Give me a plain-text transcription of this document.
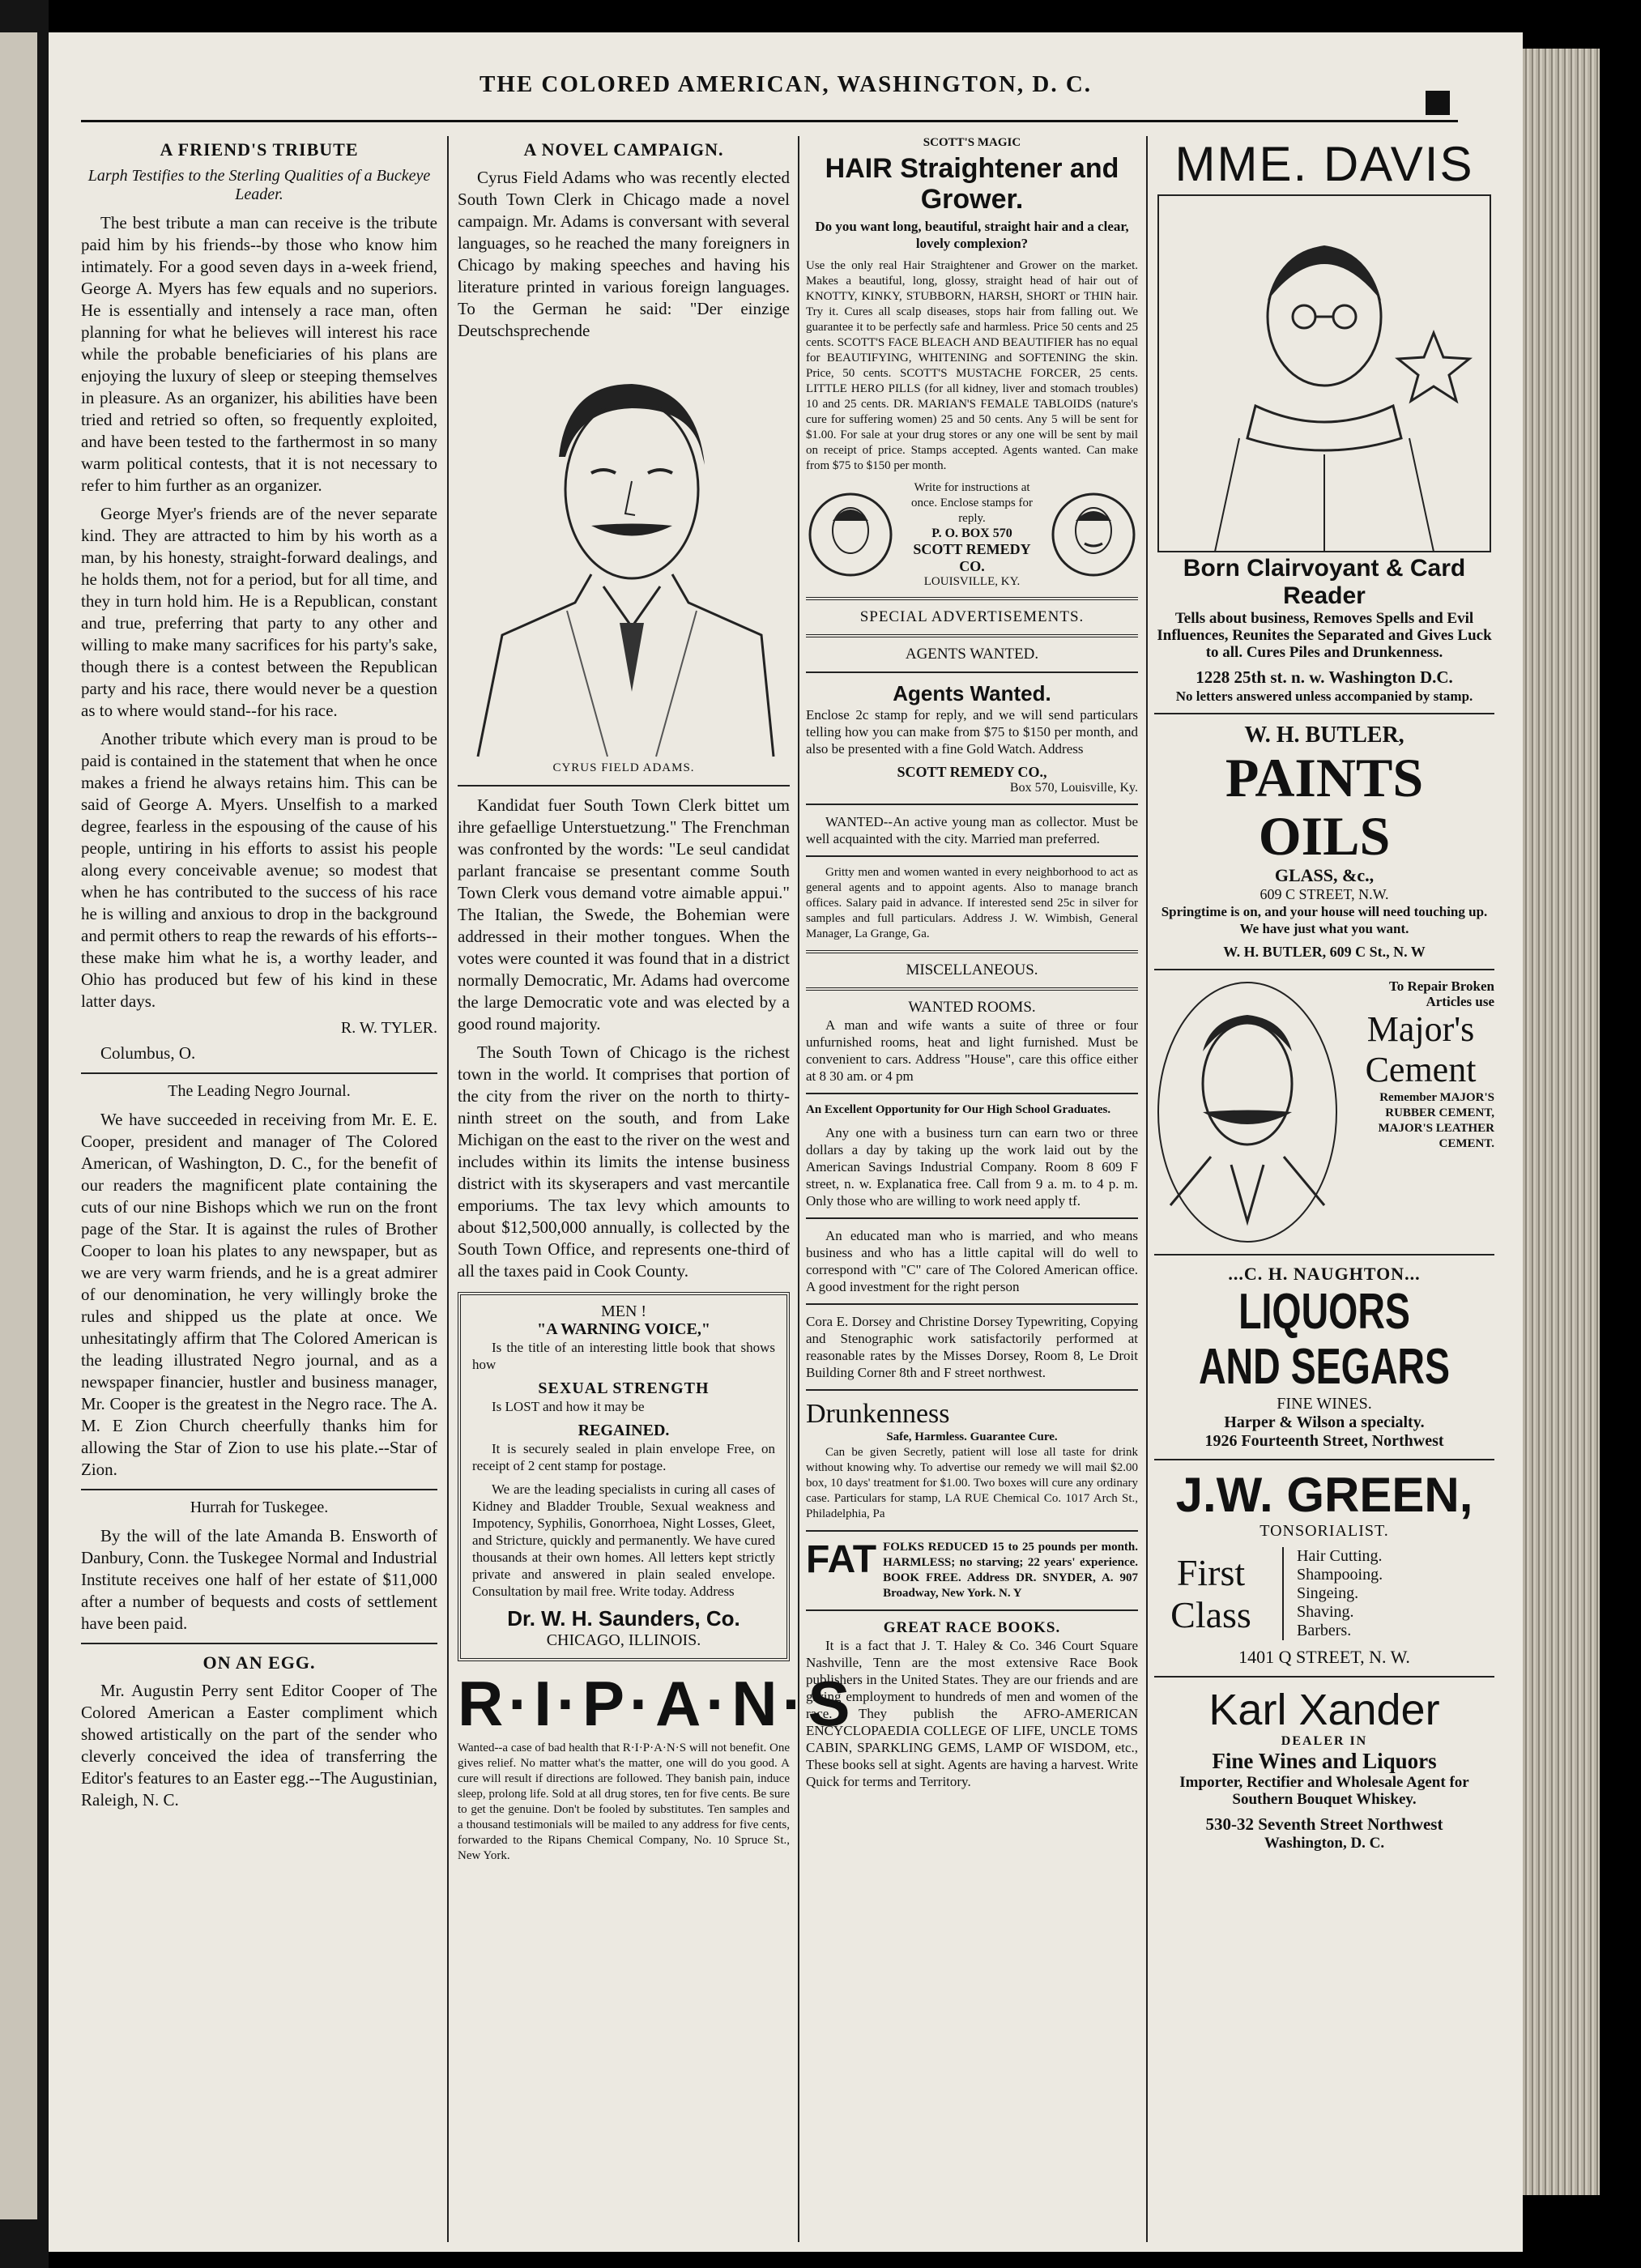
THE COLORED AMERICAN, WASHINGTON, D. C.
A FRIEND'S TRIBUTE
Larph Testifies to the Sterling Qualities of a Buckeye Leader.

The best tribute a man can receive is the tribute paid him by his friends--by those who know him intimately. For a good seven days in a-week friend, George A. Myers has few equals and no superiors. He is essentially and intensely a race man, often planning for what he believes will interest his race while the probable beneficiaries of his plans are enjoying the luxury of sleep or steeping themselves in pleasure. As an organizer, his abilities have been tried and retried so often, so frequently exploited, and have been tested to the farthermost in so many warm political contests, that it is not necessary to refer to him further as an organizer.

George Myer's friends are of the never separate kind. They are attracted to him by his worth as a man, by his honesty, straight-forward dealings, and he holds them, not for a period, but for all time, and they in turn hold him. He is a Republican, constant and true, preferring that party to any other and willing to make many sacrifices for his party's sake, though there is a contest between the Republican party and his race, there would never be a question as to where would stand--for his race.

Another tribute which every man is proud to be paid is contained in the statement that when he once makes a friend he always retains him. This can be said of George A. Myers. Unselfish to a marked degree, fearless in the espousing of the cause of his people, untiring in his efforts to assist his people along every conceivable avenue; so modest that when he has contributed to the success of his race he is willing and anxious to drop in the background and permit others to reap the rewards of his efforts--these make him what he is, a worthy leader, and Ohio has produced but few of his kind in these latter days.

R. W. TYLER.

Columbus, O.

The Leading Negro Journal.

We have succeeded in receiving from Mr. E. E. Cooper, president and manager of The Colored American, of Washington, D. C., for the benefit of our readers the magnificent plate containing the cuts of our nine Bishops which we run on the front page of the Star. It is against the rules of Brother Cooper to loan his plates to any newspaper, but as we are very warm friends, and he is a great admirer of our denomination, he very willingly broke the rules and shipped us the plate at once. We unhesitatingly affirm that The Colored American is the leading illustrated Negro journal, and as a newspaper financier, hustler and business manager, Mr. Cooper is the greatest in the Negro race. The A. M. E Zion Church cheerfully thanks him for allowing the Star of Zion to use his plate.--Star of Zion.

Hurrah for Tuskegee.

By the will of the late Amanda B. Ensworth of Danbury, Conn. the Tuskegee Normal and Industrial Institute receives one half of her estate of $11,000 after a number of bequests and costs of settlement have been paid.

ON AN EGG.

Mr. Augustin Perry sent Editor Cooper of The Colored American a Easter compliment which showed artistically on the part of the sender who cleverly conceived the idea of transferring the Editor's features to an Easter egg.--The Augustinian, Raleigh, N. C.

A NOVEL CAMPAIGN.

Cyrus Field Adams who was recently elected South Town Clerk in Chicago made a novel campaign. Mr. Adams is conversant with several languages, so he reached the many foreigners in Chicago by making speeches and having his literature printed in various foreign languages. To the German he said: "Der einzige Deutschsprechende

CYRUS FIELD ADAMS.

Kandidat fuer South Town Clerk bittet um ihre gefaellige Unterstuetzung." The Frenchman was confronted by the words: "Le seul candidat parlant francaise se presentant comme South Town Clerk vous demand votre aimable appui." The Italian, the Swede, the Bohemian were addressed in their mother tongues. When the votes were counted it was found that in a district normally Democratic, Mr. Adams had overcome the large Democratic vote and was elected by a good round majority.

The South Town of Chicago is the richest town in the world. It comprises that portion of the city from the river on the north to thirty-ninth street on the south, and from Lake Michigan on the east to the river on the west and includes within its limits the intense business district with its skyserapers and vast mercantile emporiums. The tax levy which amounts to about $12,500,000 annually, is collected by the South Town Office, and represents one-third of all the taxes paid in Cook County.

MEN !
"A WARNING VOICE,"

Is the title of an interesting little book that shows how

SEXUAL STRENGTH

Is LOST and how it may be

REGAINED.

It is securely sealed in plain envelope Free, on receipt of 2 cent stamp for postage.

We are the leading specialists in curing all cases of Kidney and Bladder Trouble, Sexual weakness and Impotency, Syphilis, Gonorrhoea, Night Losses, Gleet, and Stricture, quickly and permanently. We have cured thousands at their own homes. All letters kept strictly private and answered in plain sealed envelope. Consultation by mail free. Write today. Address

Dr. W. H. Saunders, Co.
CHICAGO, ILLINOIS.
R·I·P·A·N·S

Wanted--a case of bad health that R·I·P·A·N·S will not benefit. One gives relief. No matter what's the matter, one will do you good. A cure will result if directions are followed. They banish pain, induce sleep, prolong life. Sold at all drug stores, ten for five cents. Be sure to get the genuine. Don't be fooled by substitutes. Ten samples and a thousand testimonials will be mailed to any address for five cents, forwarded to the Ripans Chemical Company, No. 10 Spruce St., New York.

SCOTT'S MAGIC
HAIR Straightener and Grower.

Do you want long, beautiful, straight hair and a clear, lovely complexion?

Use the only real Hair Straightener and Grower on the market. Makes a beautiful, long, glossy, straight head of hair out of KNOTTY, KINKY, STUBBORN, HARSH, SHORT or THIN hair. Try it. Cures all scalp diseases, stops hair from falling out. We guarantee it to be perfectly safe and harmless. Price 50 cents and 25 cents. SCOTT'S FACE BLEACH AND BEAUTIFIER has no equal for BEAUTIFYING, WHITENING and SOFTENING the skin. Price, 50 cents. SCOTT'S MUSTACHE FORCER, 25 cents. LITTLE HERO PILLS (for all kidney, liver and stomach troubles) 10 and 25 cents. DR. MARIAN'S FEMALE TABLOIDS (nature's cure for suffering women) 25 and 50 cents. Any 5 will be sent for $1.00. For sale at your drug stores or any one will be sent by mail on receipt of price. Stamps accepted. Agents wanted. Can make from $75 to $150 per month.

Write for instructions at once. Enclose stamps for reply.
P. O. BOX 570
SCOTT REMEDY CO.
LOUISVILLE, KY.
SPECIAL ADVERTISEMENTS.
AGENTS WANTED.
Agents Wanted.

Enclose 2c stamp for reply, and we will send particulars telling how you can make from $75 to $150 per month, and also be presented with a fine Gold Watch. Address

SCOTT REMEDY CO.,
Box 570, Louisville, Ky.

WANTED--An active young man as collector. Must be well acquainted with the city. Married man preferred.

Gritty men and women wanted in every neighborhood to act as general agents and to appoint agents. Also to manage branch offices. Salary paid in advance. If interested send 25c in silver for samples and full particulars. Address J. W. Wimbish, General Manager, La Grange, Ga.

MISCELLANEOUS.
WANTED ROOMS.

A man and wife wants a suite of three or four unfurnished rooms, heat and light furnished. Must be convenient to cars. Address "House", care this office either at 8 30 am. or 4 pm

An Excellent Opportunity for Our High School Graduates.

Any one with a business turn can earn two or three dollars a day by taking up the work laid out by the American Savings Industrial Company. Room 8 609 F street, n. w. Explanatica free. Call from 9 a. m. to 4 p. m. Only those who are willing to work need apply tf.

An educated man who is married, and who means business and who has a little capital will do well to correspond with "C" care of The Colored American office. A good investment for the right person

Cora E. Dorsey and Christine Dorsey Typewriting, Copying and Stenographic work satisfactorily performed at reasonable rates by the Misses Dorsey, Room 8, Le Droit Building Corner 8th and F street northwest.

Drunkenness
Safe, Harmless. Guarantee Cure.

Can be given Secretly, patient will lose all taste for drink without knowing why. To advertise our remedy we will mail $2.00 box, 10 days' treatment for $1.00. Two boxes will cure any ordinary case. Particulars for stamp, LA RUE Chemical Co. 1017 Arch St., Philadelphia, Pa

FAT FOLKS REDUCED 15 to 25 pounds per month. HARMLESS; no starving; 22 years' experience. BOOK FREE. Address DR. SNYDER, A. 907 Broadway, New York. N. Y

GREAT RACE BOOKS.

It is a fact that J. T. Haley & Co. 346 Court Square Nashville, Tenn are the most extensive Race Book publishers in the United States. They are our friends and are giving employment to hundreds of men and women of the race. They publish the AFRO-AMERICAN ENCYCLOPAEDIA COLLEGE OF LIFE, UNCLE TOMS CABIN, SPARKLING GEMS, LAMP OF WISDOM, etc., These books sell at sight. Agents are having a harvest. Write Quick for terms and Territory.

MME. DAVIS
Born Clairvoyant & Card Reader

Tells about business, Removes Spells and Evil Influences, Reunites the Separated and Gives Luck to all. Cures Piles and Drunkenness.

1228 25th st. n. w. Washington D.C.

No letters answered unless accompanied by stamp.

W. H. BUTLER,
PAINTS OILS
GLASS, &c.,
609 C STREET, N.W.

Springtime is on, and your house will need touching up. We have just what you want.

W. H. BUTLER, 609 C St., N. W
To Repair Broken Articles use
Major's Cement
Remember MAJOR'S RUBBER CEMENT, MAJOR'S LEATHER CEMENT.
...C. H. NAUGHTON...
LIQUORS AND SEGARS
FINE WINES.
Harper & Wilson a specialty.
1926 Fourteenth Street, Northwest
J.W. GREEN,
TONSORIALIST.
First Class
Hair Cutting.
Shampooing.
Singeing.
Shaving.
Barbers.
1401 Q STREET, N. W.
Karl Xander
DEALER IN
Fine Wines and Liquors

Importer, Rectifier and Wholesale Agent for Southern Bouquet Whiskey.

530-32 Seventh Street Northwest
Washington, D. C.
